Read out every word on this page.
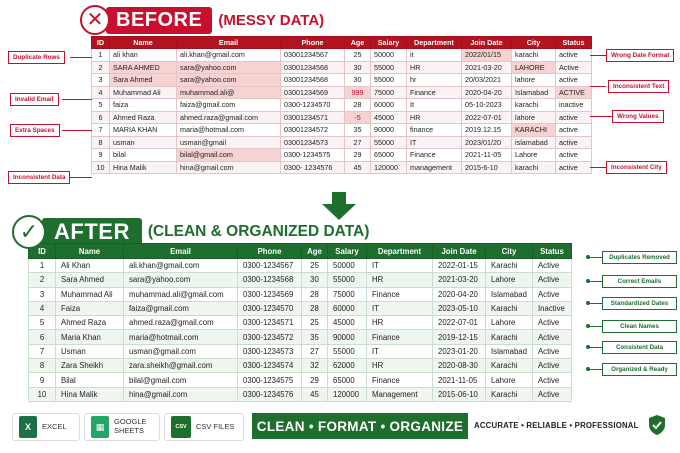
✕ BEFORE	(MESSY DATA)
ID	Name	Email	Phone	Age	Salary	Department	Join Date	City	Status
1	ali khan	ali.khan@gmail.com	03001234567	25	50000	it	2022/01/15	karachi	active
2	SARA AHMED	sara@yahoo.com	03001234568	30	55000	HR	2021-03-20	LAHORE	Active
3	Sara Ahmed	sara@yahoo.com	03001234568	30	55000	hr	20/03/2021	lahore	active
4	Muhammad Ali	muhammad.ali@	03001234569	999	75000	Finance	2020-04-20	Islamabad	ACTIVE
5	faiza	faiza@gmail.com	0300-1234570	28	60000	It	05-10-2023	karachi	inactive
6	Ahmed Raza	ahmed.raza@gmail.com	03001234571	-5	45000	HR	2022-07-01	lahore	active
7	MARIA KHAN	maria@hotmail.com	03001234572	35	90000	finance	2019.12.15	KARACHI	active
8	usman	usman@gmail	03001234573	27	55000	IT	2023/01/20	islamabad	active
9	bilal	bilal@gmail.com	0300-1234575	29	65000	Finance	2021-11-05	Lahore	active
10	Hina Malik	hina@gmail.com	0300- 1234576	45	120000	management	2015-6-10	karachi	active
Duplicate Rows
Invalid Email
Extra Spaces
Inconsistent Data
Wrong Date Format
Inconsistent Text
Wrong Values
Inconsistent City
✓ AFTER	(CLEAN & ORGANIZED DATA)
ID	Name	Email	Phone	Age	Salary	Department	Join Date	City	Status
1	Ali Khan	ali.khan@gmail.com	0300-1234567	25	50000	IT	2022-01-15	Karachi	Active
2	Sara Ahmed	sara@yahoo.com	0300-1234568	30	55000	HR	2021-03-20	Lahore	Active
3	Muhammad Ali	muhammad.ali@gmail.com	0300-1234569	28	75000	Finance	2020-04-20	Islamabad	Active
4	Faiza	faiza@gmail.com	0300-1234570	28	60000	IT	2023-05-10	Karachi	Inactive
5	Ahmed Raza	ahmed.raza@gmail.com	0300-1234571	25	45000	HR	2022-07-01	Lahore	Active
6	Maria Khan	maria@hotmail.com	0300-1234572	35	90000	Finance	2019-12-15	Karachi	Active
7	Usman	usman@gmail.com	0300-1234573	27	55000	IT	2023-01-20	Islamabad	Active
8	Zara Sheikh	zara.sheikh@gmail.com	0300-1234574	32	62000	HR	2020-08-30	Karachi	Active
9	Bilal	bilal@gmail.com	0300-1234575	29	65000	Finance	2021-11-05	Lahore	Active
10	Hina Malik	hina@gmail.com	0300-1234576	45	120000	Management	2015-06-10	Karachi	Active
Duplicates Removed
Correct Emails
Standardized Dates
Clean Names
Consistent Data
Organized & Ready
X	EXCEL	▦	GOOGLE
SHEETS	CSV	CSV FILES	CLEAN • FORMAT • ORGANIZE	ACCURATE • RELIABLE • PROFESSIONAL
